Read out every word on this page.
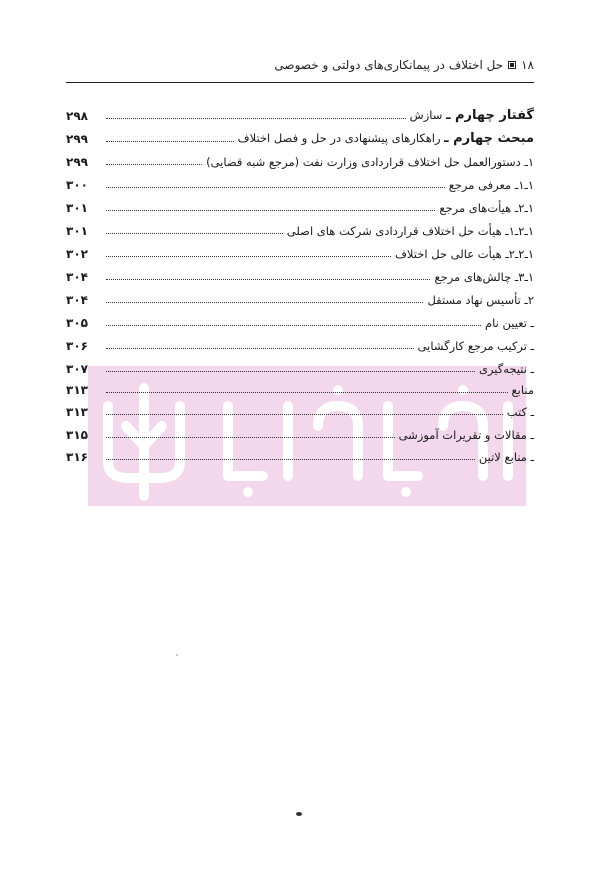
۱۸
حل اختلاف در پیمانکاری‌های دولتی و خصوصی
گفتار چهارم ـ سازش
۲۹۸
مبحث چهارم ـ راهکارهای پیشنهادی در حل و فصل اختلاف
۲۹۹
۱ـ دستورالعمل حل اختلاف قراردادی وزارت نفت (مرجع شبه قضایی)
۲۹۹
۱ـ۱ـ معرفی مرجع
۳۰۰
۱ـ۲ـ هیأت‌های مرجع
۳۰۱
۱ـ۲ـ۱ـ هیأت حل اختلاف قراردادی شرکت های اصلی
۳۰۱
۱ـ۲ـ۲ـ هیأت عالی حل اختلاف
۳۰۲
۱ـ۳ـ چالش‌های مرجع
۳۰۴
۲ـ تأسیس نهاد مستقل
۳۰۴
ـ تعیین نام
۳۰۵
ـ ترکیب مرجع کارگشایی
۳۰۶
ـ نتیجه‌گیری
۳۰۷
منابع
۳۱۳
ـ کتب
۳۱۳
ـ مقالات و تقریرات آموزشی
۳۱۵
ـ منابع لاتین
۳۱۶
